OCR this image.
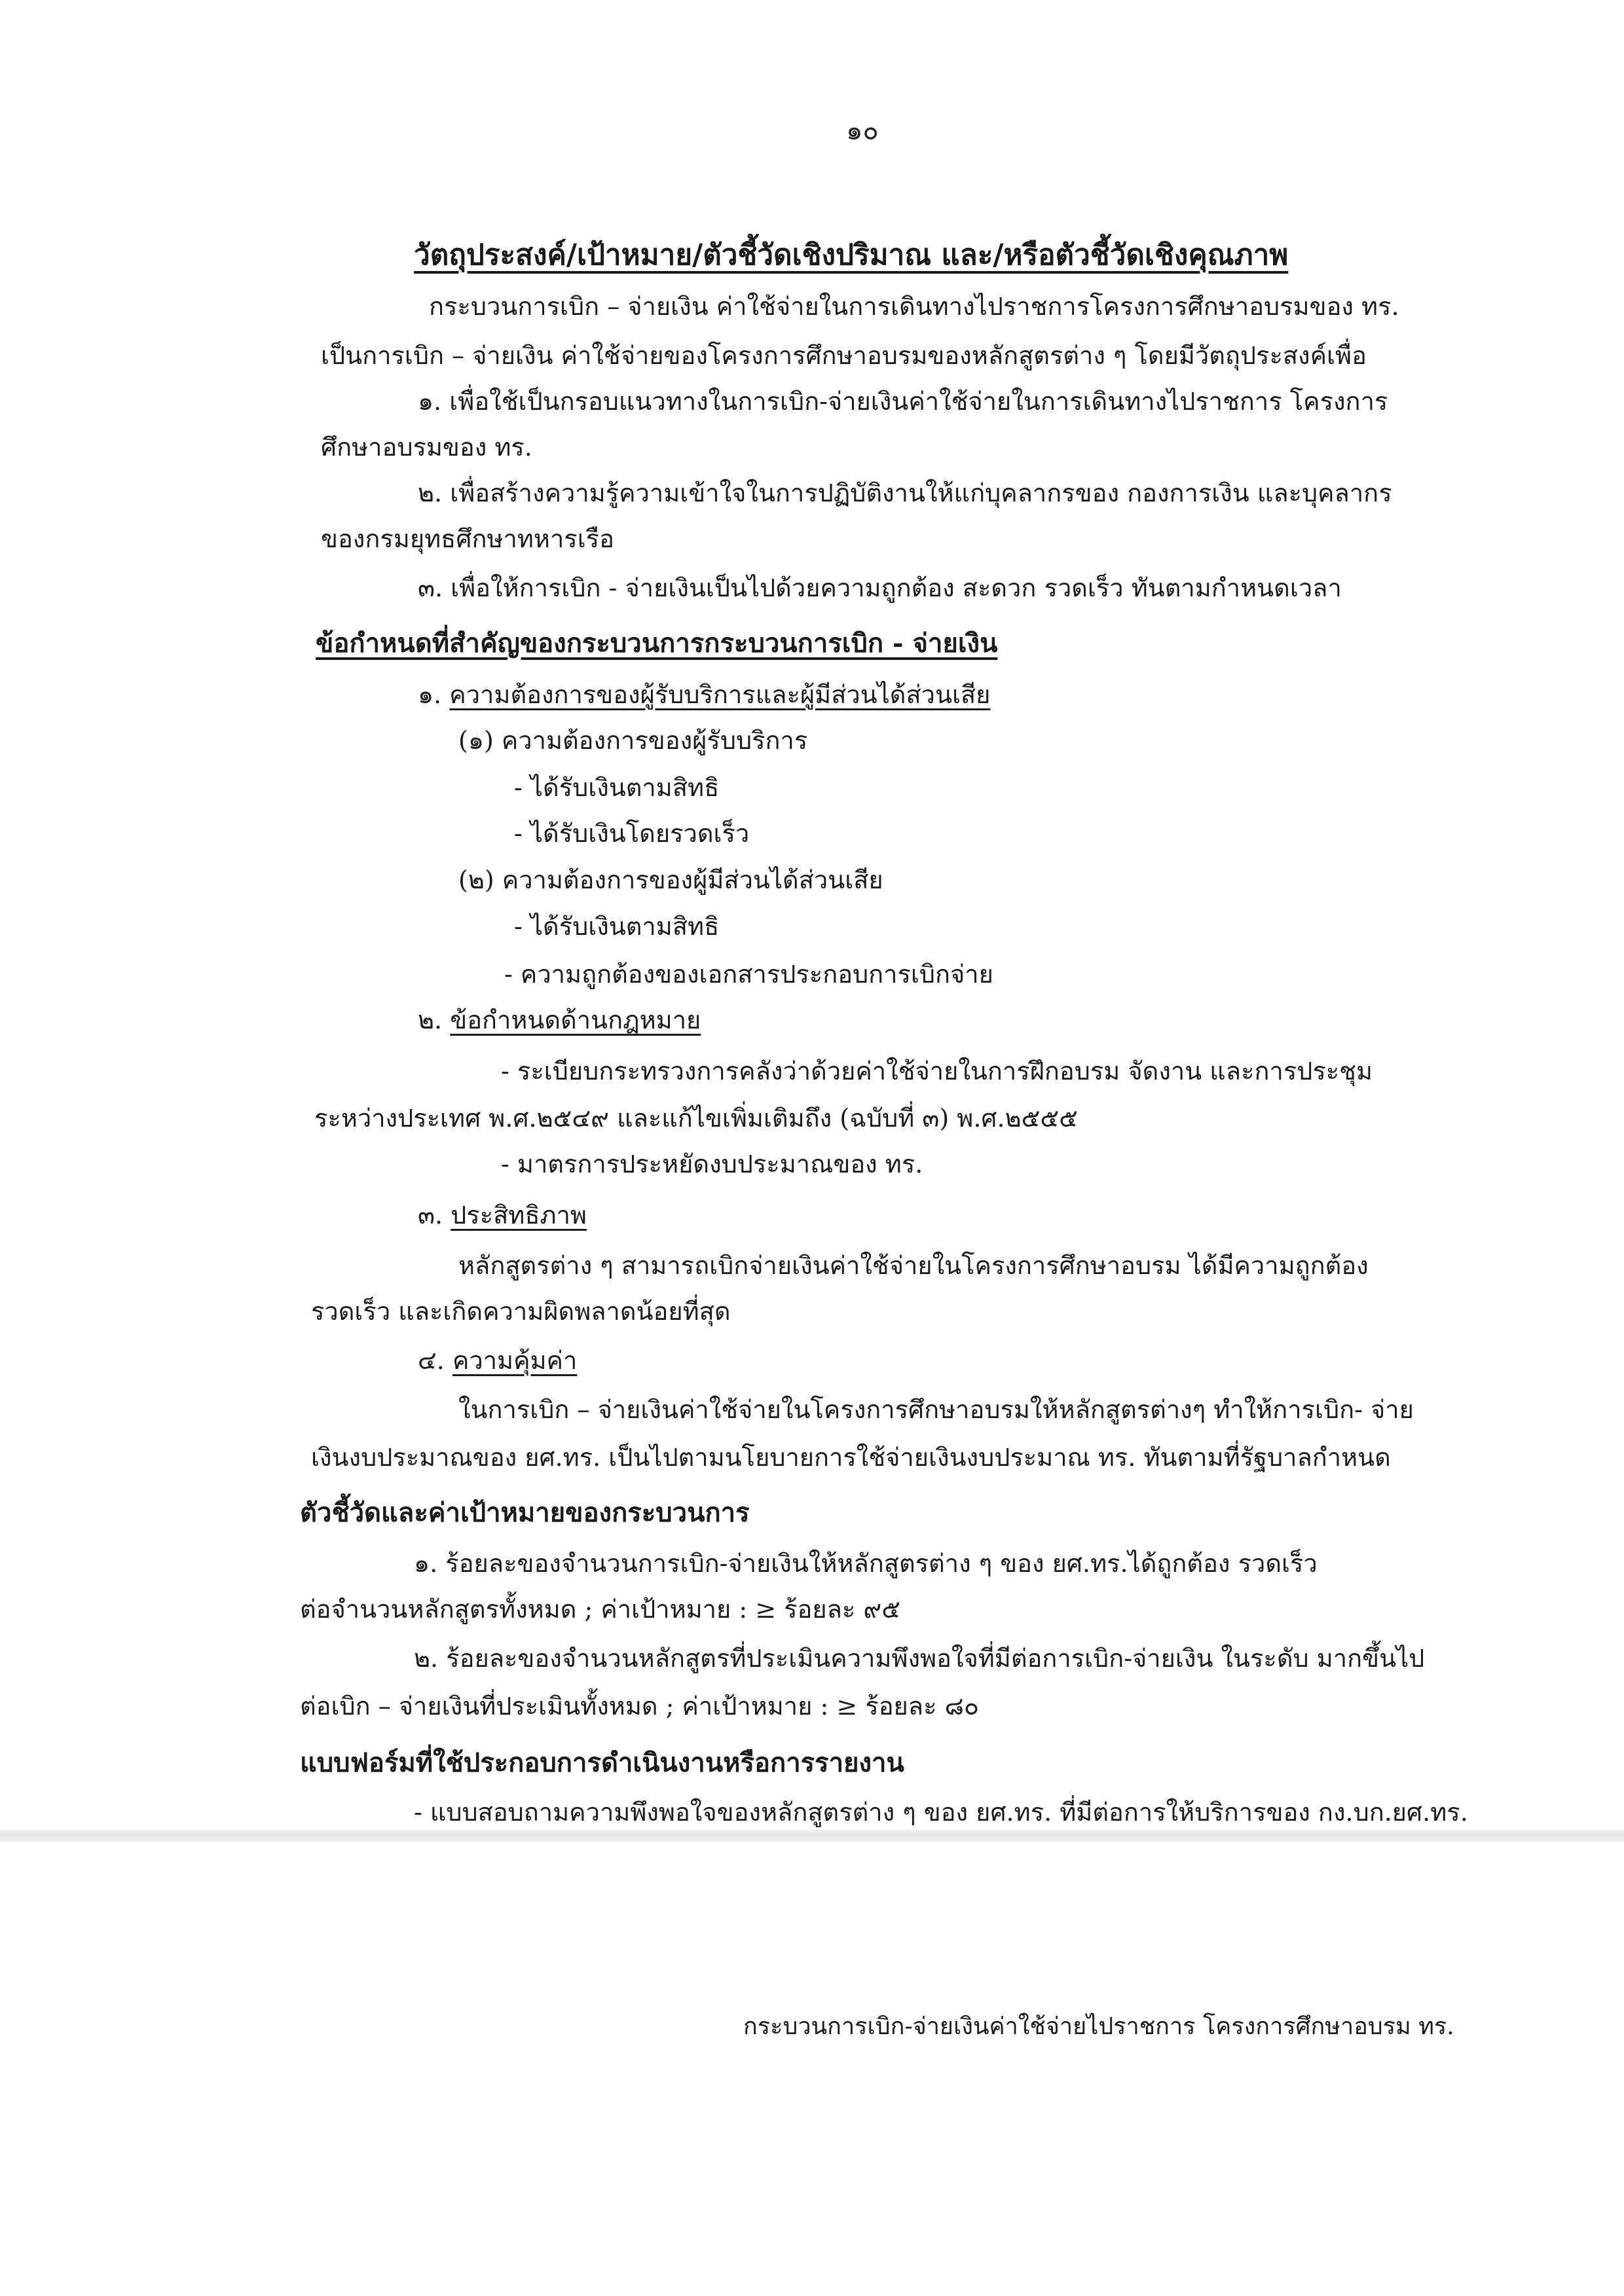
๑๐
วัตถุประสงค์/เป้าหมาย/ตัวชี้วัดเชิงปริมาณ และ/หรือตัวชี้วัดเชิงคุณภาพ
กระบวนการเบิก – จ่ายเงิน ค่าใช้จ่ายในการเดินทางไปราชการโครงการศึกษาอบรมของ ทร.
เป็นการเบิก – จ่ายเงิน ค่าใช้จ่ายของโครงการศึกษาอบรมของหลักสูตรต่าง ๆ โดยมีวัตถุประสงค์เพื่อ
๑. เพื่อใช้เป็นกรอบแนวทางในการเบิก-จ่ายเงินค่าใช้จ่ายในการเดินทางไปราชการ โครงการ
ศึกษาอบรมของ ทร.
๒. เพื่อสร้างความรู้ความเข้าใจในการปฏิบัติงานให้แก่บุคลากรของ กองการเงิน และบุคลากร
ของกรมยุทธศึกษาทหารเรือ
๓. เพื่อให้การเบิก - จ่ายเงินเป็นไปด้วยความถูกต้อง สะดวก รวดเร็ว ทันตามกำหนดเวลา
ข้อกำหนดที่สำคัญของกระบวนการกระบวนการเบิก - จ่ายเงิน
๑. ความต้องการของผู้รับบริการและผู้มีส่วนได้ส่วนเสีย
(๑) ความต้องการของผู้รับบริการ
- ได้รับเงินตามสิทธิ
- ได้รับเงินโดยรวดเร็ว
(๒) ความต้องการของผู้มีส่วนได้ส่วนเสีย
- ได้รับเงินตามสิทธิ
- ความถูกต้องของเอกสารประกอบการเบิกจ่าย
๒. ข้อกำหนดด้านกฎหมาย
- ระเบียบกระทรวงการคลังว่าด้วยค่าใช้จ่ายในการฝึกอบรม จัดงาน และการประชุม
ระหว่างประเทศ พ.ศ.๒๕๔๙ และแก้ไขเพิ่มเติมถึง (ฉบับที่ ๓) พ.ศ.๒๕๕๕
- มาตรการประหยัดงบประมาณของ ทร.
๓. ประสิทธิภาพ
หลักสูตรต่าง ๆ สามารถเบิกจ่ายเงินค่าใช้จ่ายในโครงการศึกษาอบรม ได้มีความถูกต้อง
รวดเร็ว และเกิดความผิดพลาดน้อยที่สุด
๔. ความคุ้มค่า
ในการเบิก – จ่ายเงินค่าใช้จ่ายในโครงการศึกษาอบรมให้หลักสูตรต่างๆ ทำให้การเบิก- จ่าย
เงินงบประมาณของ ยศ.ทร. เป็นไปตามนโยบายการใช้จ่ายเงินงบประมาณ ทร. ทันตามที่รัฐบาลกำหนด
ตัวชี้วัดและค่าเป้าหมายของกระบวนการ
๑. ร้อยละของจำนวนการเบิก-จ่ายเงินให้หลักสูตรต่าง ๆ ของ ยศ.ทร.ได้ถูกต้อง รวดเร็ว
ต่อจำนวนหลักสูตรทั้งหมด ; ค่าเป้าหมาย : ≥ ร้อยละ ๙๕
๒. ร้อยละของจำนวนหลักสูตรที่ประเมินความพึงพอใจที่มีต่อการเบิก-จ่ายเงิน ในระดับ มากขึ้นไป
ต่อเบิก – จ่ายเงินที่ประเมินทั้งหมด ; ค่าเป้าหมาย : ≥ ร้อยละ ๘๐
แบบฟอร์มที่ใช้ประกอบการดำเนินงานหรือการรายงาน
- แบบสอบถามความพึงพอใจของหลักสูตรต่าง ๆ ของ ยศ.ทร. ที่มีต่อการให้บริการของ กง.บก.ยศ.ทร.
กระบวนการเบิก-จ่ายเงินค่าใช้จ่ายไปราชการ โครงการศึกษาอบรม ทร.
